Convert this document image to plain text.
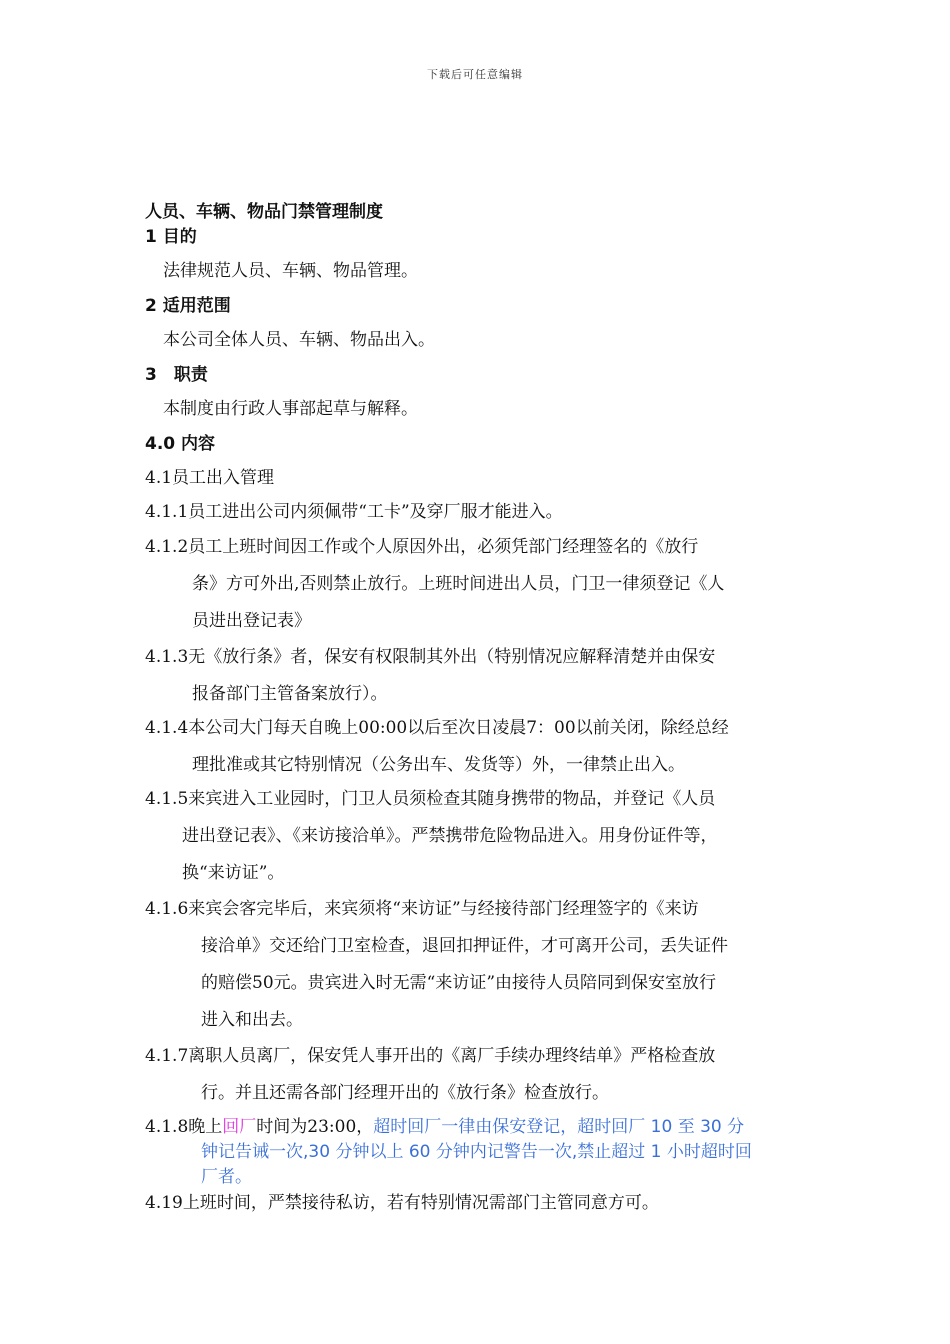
下载后可任意编辑
人员、车辆、物品门禁管理制度
1 目的
法律规范人员、车辆、物品管理。
2 适用范围
本公司全体人员、车辆、物品出入。
3　职责
本制度由行政人事部起草与解释。
4.0 内容
4.1员工出入管理
4.1.1员工进出公司内须佩带“工卡”及穿厂服才能进入。
4.1.2员工上班时间因工作或个人原因外出，必须凭部门经理签名的《放行
条》方可外出,否则禁止放行。上班时间进出人员，门卫一律须登记《人
员进出登记表》
4.1.3无《放行条》者，保安有权限制其外出（特别情况应解释清楚并由保安
报备部门主管备案放行）。
4.1.4本公司大门每天自晚上00:00以后至次日凌晨7：00以前关闭，除经总经
理批准或其它特别情况（公务出车、发货等）外，一律禁止出入。
4.1.5来宾进入工业园时，门卫人员须检查其随身携带的物品，并登记《人员
进出登记表》、《来访接洽单》。严禁携带危险物品进入。用身份证件等，
换“来访证”。
4.1.6来宾会客完毕后，来宾须将“来访证”与经接待部门经理签字的《来访
接洽单》交还给门卫室检查，退回扣押证件，才可离开公司，丢失证件
的赔偿50元。贵宾进入时无需“来访证”由接待人员陪同到保安室放行
进入和出去。
4.1.7离职人员离厂，保安凭人事开出的《离厂手续办理终结单》严格检查放
行。并且还需各部门经理开出的《放行条》检查放行。
4.1.8晚上回厂时间为23:00，超时回厂一律由保安登记，超时回厂 10 至 30 分
钟记告诫一次,30 分钟以上 60 分钟内记警告一次,禁止超过 1 小时超时回
厂者。
4.19上班时间，严禁接待私访，若有特别情况需部门主管同意方可。
